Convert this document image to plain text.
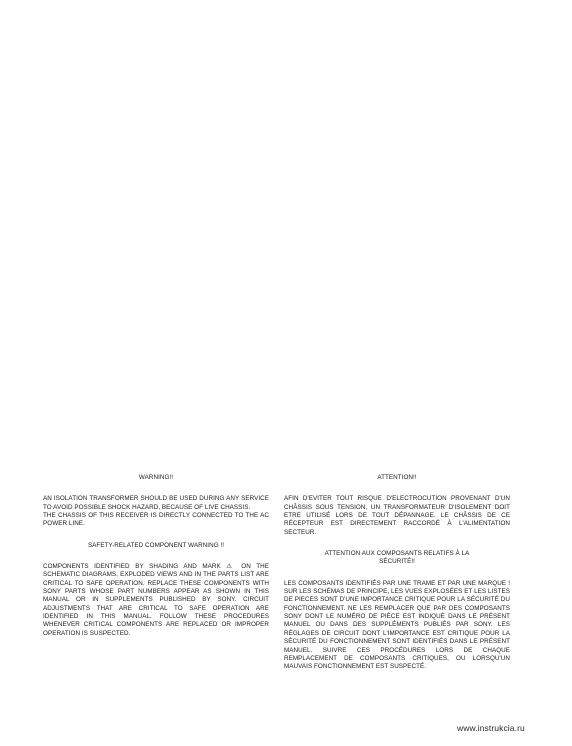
WARNING!!

AN ISOLATION TRANSFORMER SHOULD BE USED DURING ANY SERVICE TO AVOID POSSIBLE SHOCK HAZARD, BECAUSE OF LIVE CHASSIS.

THE CHASSIS OF THIS RECEIVER IS DIRECTLY CONNECTED TO THE AC POWER LINE.

SAFETY-RELATED COMPONENT WARNING !!

COMPONENTS IDENTIFIED BY SHADING AND MARK ⚠ ON THE SCHEMATIC DIAGRAMS, EXPLODED VIEWS AND IN THE PARTS LIST ARE CRITICAL TO SAFE OPERATION. REPLACE THESE COMPONENTS WITH SONY PARTS WHOSE PART NUMBERS APPEAR AS SHOWN IN THIS MANUAL OR IN SUPPLEMENTS PUBLISHED BY SONY. CIRCUIT ADJUSTMENTS THAT ARE CRITICAL TO SAFE OPERATION ARE IDENTIFIED IN THIS MANUAL. FOLLOW THESE PROCEDURES WHENEVER CRITICAL COMPONENTS ARE REPLACED OR IMPROPER OPERATION IS SUSPECTED.

ATTENTION!!

AFIN D'EVITER TOUT RISQUE D'ELECTROCUTION PROVENANT D'UN CHÂSSIS SOUS TENSION, UN TRANSFORMATEUR D'ISOLEMENT DOIT ETRE UTILISÉ LORS DE TOUT DÉPANNAGE. LE CHÂSSIS DE CE RÉCEPTEUR EST DIRECTEMENT RACCORDÉ À L'ALIMENTATION SECTEUR.

ATTENTION AUX COMPOSANTS RELATIFS À LA

SÉCURITÉ!!

LES COMPOSANTS IDENTIFIÉS PAR UNE TRAME ET PAR UNE MARQUE ! SUR LES SCHÉMAS DE PRINCIPE, LES VUES EXPLOSÉES ET LES LISTES DE PIECES SONT D'UNE IMPORTANCE CRITIQUE POUR LA SÉCURITÉ DU FONCTIONNEMENT. NE LES REMPLACER QUE PAR DES COMPOSANTS SONY DONT LE NUMÉRO DE PIÈCE EST INDIQUÉ DANS LE PRÉSENT MANUEL OU DANS DES SUPPLÉMENTS PUBLIÉS PAR SONY. LES RÉGLAGES DE CIRCUIT DONT L'IMPORTANCE EST CRITIQUE POUR LA SÉCURITÉ DU FONCTIONNEMENT SONT IDENTIFIÉS DANS LE PRÉSENT MANUEL. SUIVRE CES PROCÉDURES LORS DE CHAQUE REMPLACEMENT DE COMPOSANTS CRITIQUES, OU LORSQU'UN MAUVAIS FONCTIONNEMENT EST SUSPECTÉ.

www.instrukcia.ru
